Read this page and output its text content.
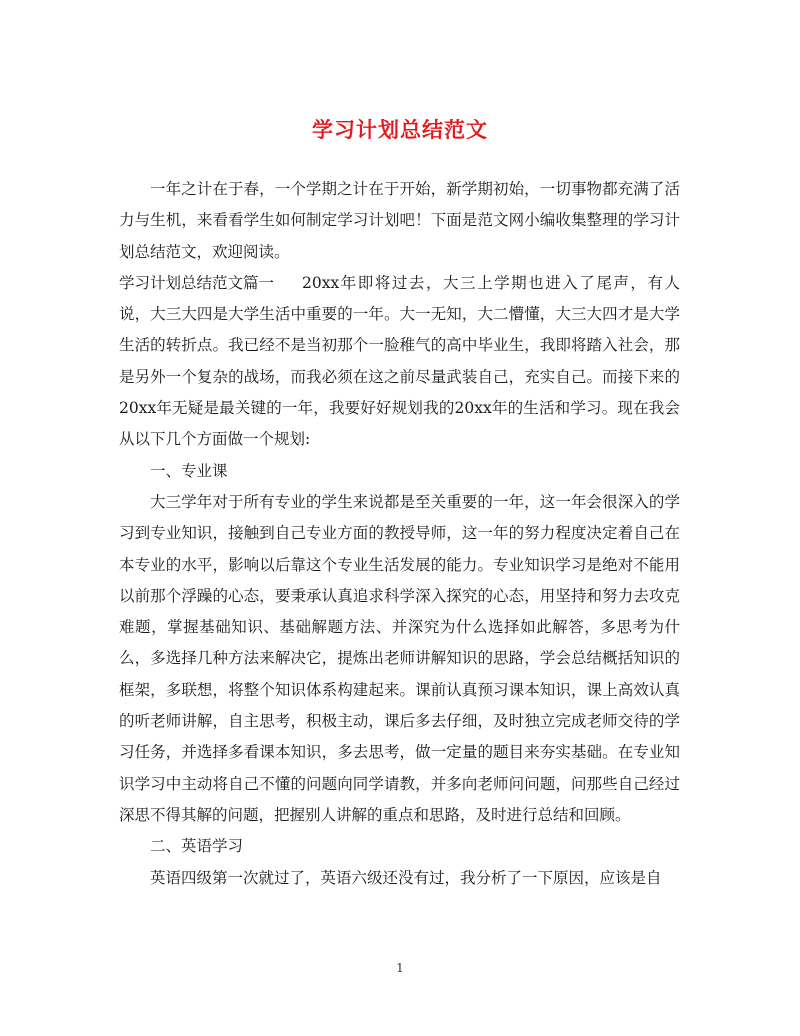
学习计划总结范文

一年之计在于春，一个学期之计在于开始，新学期初始，一切事物都充满了活力与生机，来看看学生如何制定学习计划吧！下面是范文网小编收集整理的学习计划总结范文，欢迎阅读。

学习计划总结范文篇一 20xx年即将过去，大三上学期也进入了尾声，有人说，大三大四是大学生活中重要的一年。大一无知，大二懵懂，大三大四才是大学生活的转折点。我已经不是当初那个一脸稚气的高中毕业生，我即将踏入社会，那是另外一个复杂的战场，而我必须在这之前尽量武装自己，充实自己。而接下来的20xx年无疑是最关键的一年，我要好好规划我的20xx年的生活和学习。现在我会从以下几个方面做一个规划:

一、专业课

大三学年对于所有专业的学生来说都是至关重要的一年，这一年会很深入的学习到专业知识，接触到自己专业方面的教授导师，这一年的努力程度决定着自己在本专业的水平，影响以后靠这个专业生活发展的能力。专业知识学习是绝对不能用以前那个浮躁的心态，要秉承认真追求科学深入探究的心态，用坚持和努力去攻克难题，掌握基础知识、基础解题方法、并深究为什么选择如此解答，多思考为什么，多选择几种方法来解决它，提炼出老师讲解知识的思路，学会总结概括知识的框架，多联想，将整个知识体系构建起来。课前认真预习课本知识，课上高效认真的听老师讲解，自主思考，积极主动，课后多去仔细，及时独立完成老师交待的学习任务，并选择多看课本知识，多去思考，做一定量的题目来夯实基础。在专业知识学习中主动将自己不懂的问题向同学请教，并多向老师问问题，问那些自己经过深思不得其解的问题，把握别人讲解的重点和思路，及时进行总结和回顾。

二、英语学习

英语四级第一次就过了，英语六级还没有过，我分析了一下原因，应该是自

1
